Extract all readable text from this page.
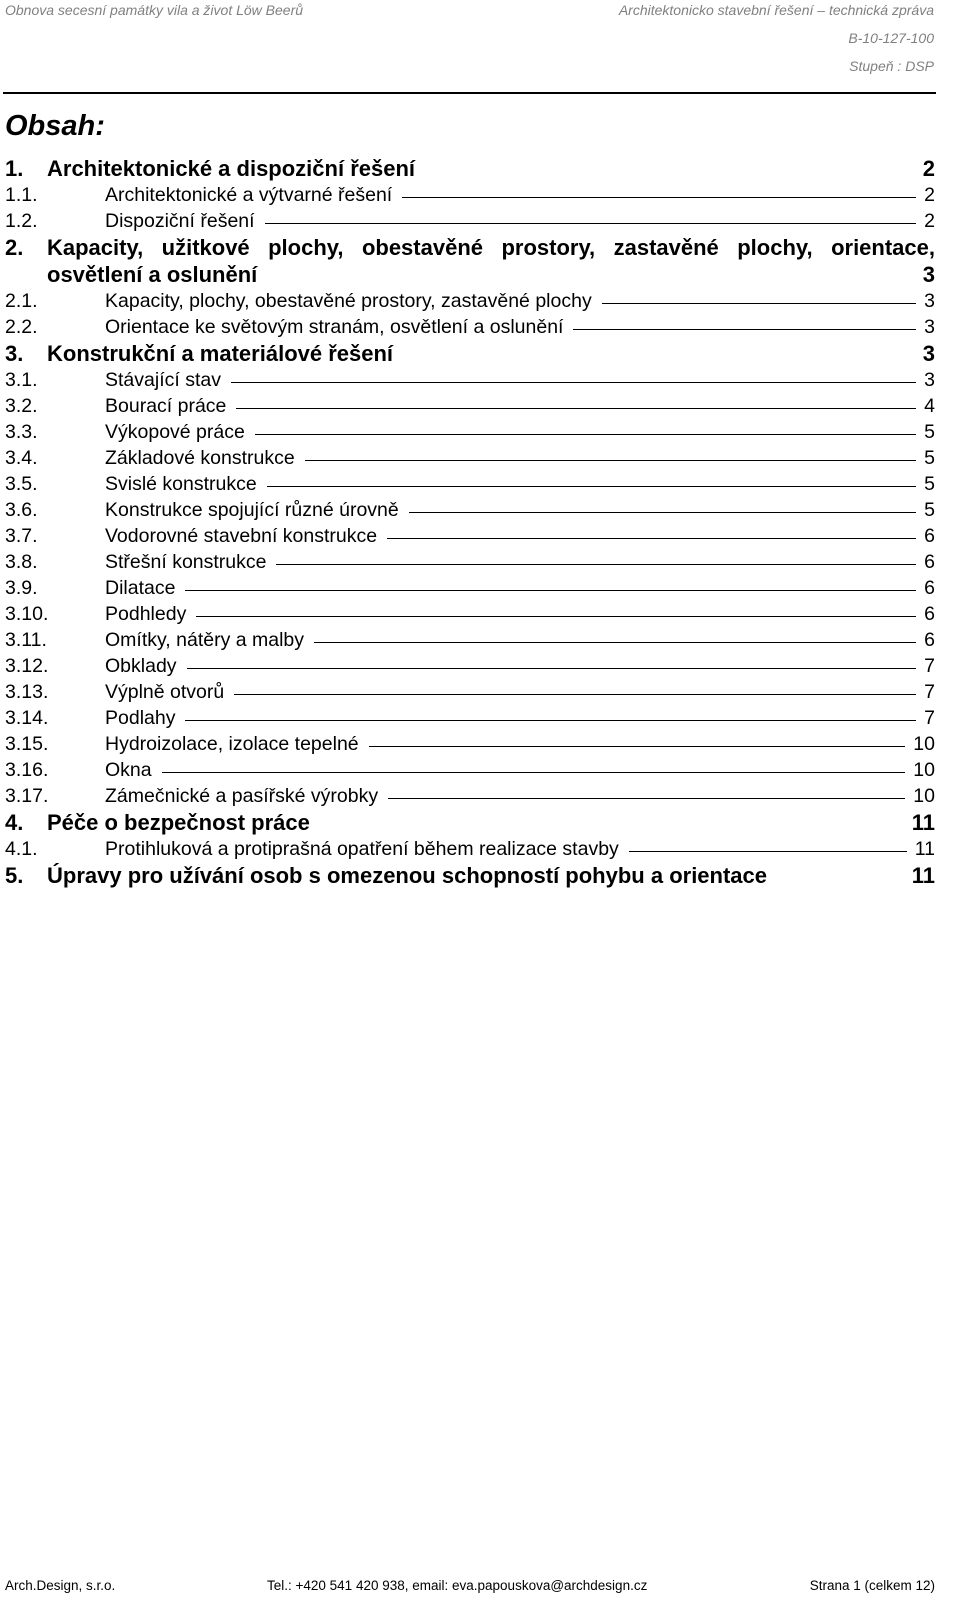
Obnova secesní památky vila a život Löw Beerů	Architektonicko stavební řešení – technická zpráva
B-10-127-100
Stupeň : DSP
Obsah:
1.	Architektonické a dispoziční řešení	2
1.1.	Architektonické a výtvarné řešení	2
1.2.	Dispoziční řešení	2
2.	Kapacity, užitkové plochy, obestavěné prostory, zastavěné plochy, orientace, osvětlení a oslunění	3
2.1.	Kapacity, plochy, obestavěné prostory, zastavěné plochy	3
2.2.	Orientace ke světovým stranám, osvětlení a oslunění	3
3.	Konstrukční a materiálové řešení	3
3.1.	Stávající stav	3
3.2.	Bourací práce	4
3.3.	Výkopové práce	5
3.4.	Základové konstrukce	5
3.5.	Svislé konstrukce	5
3.6.	Konstrukce spojující různé úrovně	5
3.7.	Vodorovné stavební konstrukce	6
3.8.	Střešní konstrukce	6
3.9.	Dilatace	6
3.10.	Podhledy	6
3.11.	Omítky, nátěry a malby	6
3.12.	Obklady	7
3.13.	Výplně otvorů	7
3.14.	Podlahy	7
3.15.	Hydroizolace, izolace tepelné	10
3.16.	Okna	10
3.17.	Zámečnické a pasířské výrobky	10
4.	Péče o bezpečnost práce	11
4.1.	Protihluková a protiprašná opatření během realizace stavby	11
5.	Úpravy pro užívání osob s omezenou schopností pohybu a orientace	11
Arch.Design, s.r.o.	Tel.: +420 541 420 938, email: eva.papouskova@archdesign.cz	Strana 1 (celkem 12)
